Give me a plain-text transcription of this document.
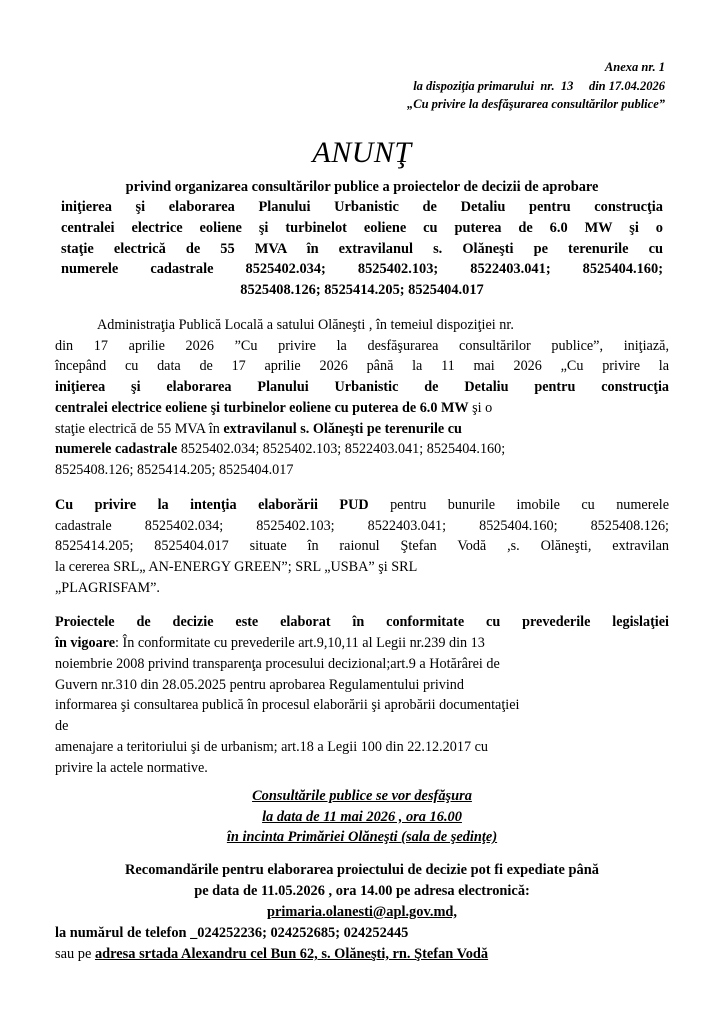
Anexa nr. 1
la dispoziţia primarului  nr.  13     din 17.04.2026
„Cu privire la desfăşurarea consultărilor publice”
ANUNŢ
privind organizarea consultărilor publice a proiectelor de decizii de aprobare
iniţierea şi elaborarea Planului Urbanistic de Detaliu pentru construcţia
centralei electrice eoliene şi turbinelot eoliene cu puterea de 6.0 MW şi o
staţie electrică de 55 MVA în extravilanul s. Olăneşti pe terenurile cu
numerele cadastrale 8525402.034; 8525402.103; 8522403.041; 8525404.160;
8525408.126; 8525414.205; 8525404.017
Administraţia Publică Locală a satului Olăneşti , în temeiul dispoziţiei nr.
din 17 aprilie 2026 ”Cu privire la desfăşurarea consultărilor publice”, iniţiază,
începând cu data de 17 aprilie 2026 până la 11 mai 2026 „Cu privire la
iniţierea şi elaborarea Planului Urbanistic de Detaliu pentru construcţia
centralei electrice eoliene şi turbinelor eoliene cu puterea de 6.0 MW şi o
staţie electrică de 55 MVA în extravilanul s. Olăneşti pe terenurile cu
numerele cadastrale 8525402.034; 8525402.103; 8522403.041; 8525404.160;
8525408.126; 8525414.205; 8525404.017
Cu privire la intenţia elaborării PUD pentru bunurile imobile cu numerele
cadastrale 8525402.034; 8525402.103; 8522403.041; 8525404.160; 8525408.126;
8525414.205; 8525404.017 situate în raionul Ştefan Vodă ,s. Olăneşti, extravilan
la cererea SRL„ AN-ENERGY GREEN”; SRL „USBA” şi SRL
„PLAGRISFAM”.
Proiectele de decizie este elaborat în conformitate cu prevederile legislaţiei
în vigoare: În conformitate cu prevederile art.9,10,11 al Legii nr.239 din 13
noiembrie 2008 privind transparenţa procesului decizional;art.9 a Hotărârei de
Guvern nr.310 din 28.05.2025 pentru aprobarea Regulamentului privind
informarea şi consultarea publică în procesul elaborării şi aprobării documentaţiei
de
amenajare a teritoriului şi de urbanism; art.18 a Legii 100 din 22.12.2017 cu
privire la actele normative.
Consultările publice se vor desfăşura
la data de 11 mai 2026 , ora 16.00
în incinta Primăriei Olăneşti (sala de şedinţe)
Recomandările pentru elaborarea proiectului de decizie pot fi expediate până
pe data de 11.05.2026 , ora 14.00 pe adresa electronică:
primaria.olanesti@apl.gov.md,
la numărul de telefon _024252236; 024252685; 024252445
sau pe adresa srtada Alexandru cel Bun 62, s. Olăneşti, rn. Ştefan Vodă
